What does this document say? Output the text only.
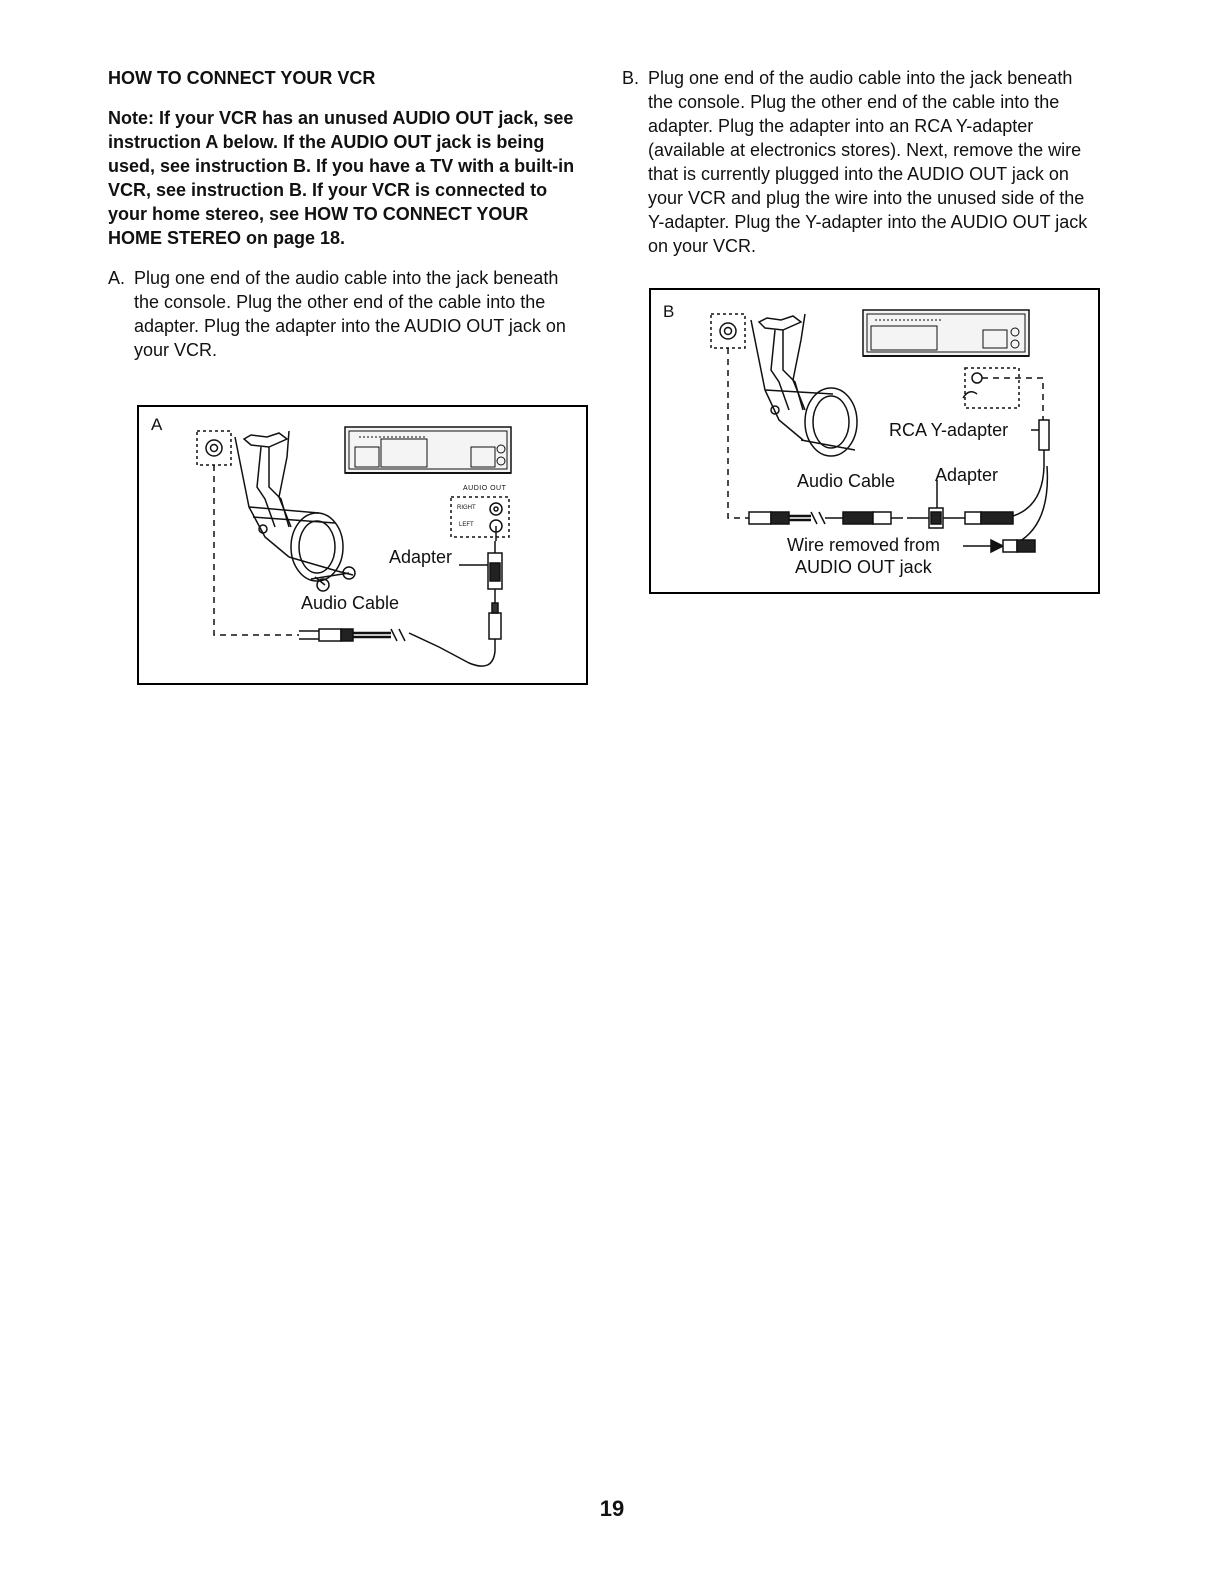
HOW TO CONNECT YOUR VCR

Note: If your VCR has an unused AUDIO OUT jack, see instruction A below. If the AUDIO OUT jack is being used, see instruction B. If you have a TV with a built-in VCR, see instruction B. If your VCR is connected to your home stereo, see HOW TO CONNECT YOUR HOME STEREO on page 18.

A. Plug one end of the audio cable into the jack beneath the console. Plug the other end of the cable into the adapter. Plug the adapter into the AUDIO OUT jack on your VCR.
B. Plug one end of the audio cable into the jack beneath the console. Plug the other end of the cable into the adapter. Plug the adapter into an RCA Y-adapter (available at electronics stores). Next, remove the wire that is currently plugged into the AUDIO OUT jack on your VCR and plug the wire into the unused side of the Y-adapter. Plug the Y-adapter into the AUDIO OUT jack on your VCR.
A
AUDIO OUT
RIGHT
LEFT
Adapter
Audio Cable
B
RCA Y-adapter
Audio Cable Adapter
Wire removed from
AUDIO OUT jack
19
